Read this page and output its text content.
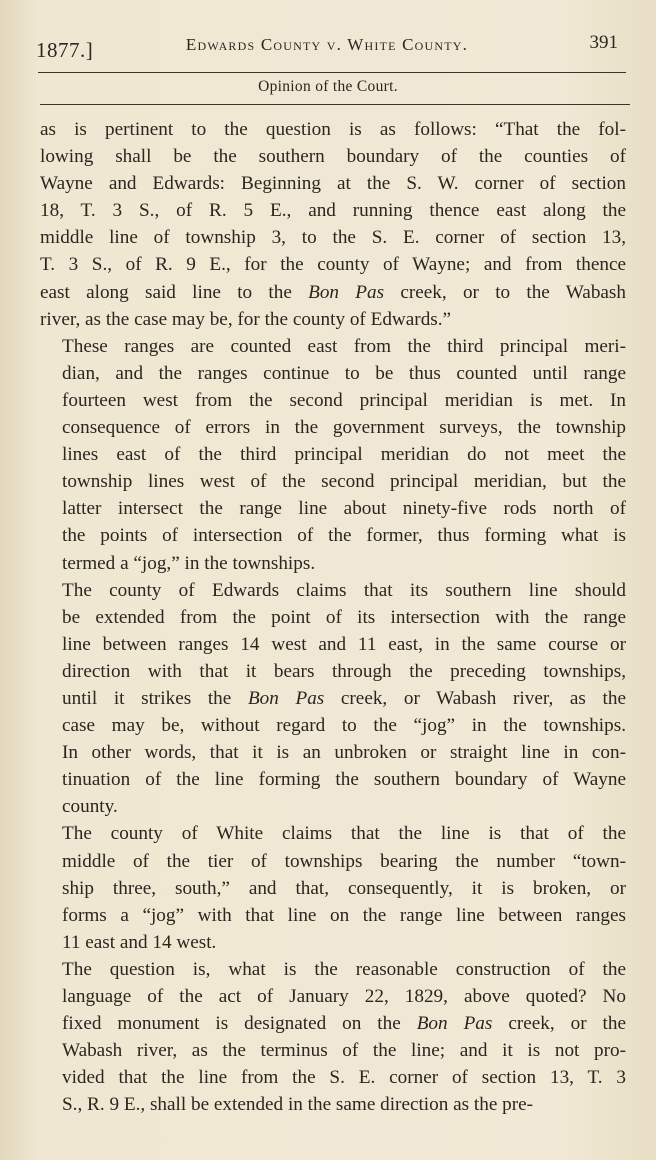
1877.]	Edwards County v. White County.	391
Opinion of the Court.

as is pertinent to the question is as follows: “That the fol-
lowing shall be the southern boundary of the counties of
Wayne and Edwards: Beginning at the S. W. corner of section
18, T. 3 S., of R. 5 E., and running thence east along the
middle line of township 3, to the S. E. corner of section 13,
T. 3 S., of R. 9 E., for the county of Wayne; and from thence
east along said line to the Bon Pas creek, or to the Wabash
river, as the case may be, for the county of Edwards.”

These ranges are counted east from the third principal meri-
dian, and the ranges continue to be thus counted until range
fourteen west from the second principal meridian is met. In
consequence of errors in the government surveys, the township
lines east of the third principal meridian do not meet the
township lines west of the second principal meridian, but the
latter intersect the range line about ninety-five rods north of
the points of intersection of the former, thus forming what is
termed a “jog,” in the townships.

The county of Edwards claims that its southern line should
be extended from the point of its intersection with the range
line between ranges 14 west and 11 east, in the same course or
direction with that it bears through the preceding townships,
until it strikes the Bon Pas creek, or Wabash river, as the
case may be, without regard to the “jog” in the townships.
In other words, that it is an unbroken or straight line in con-
tinuation of the line forming the southern boundary of Wayne
county.

The county of White claims that the line is that of the
middle of the tier of townships bearing the number “town-
ship three, south,” and that, consequently, it is broken, or
forms a “jog” with that line on the range line between ranges
11 east and 14 west.

The question is, what is the reasonable construction of the
language of the act of January 22, 1829, above quoted? No
fixed monument is designated on the Bon Pas creek, or the
Wabash river, as the terminus of the line; and it is not pro-
vided that the line from the S. E. corner of section 13, T. 3
S., R. 9 E., shall be extended in the same direction as the pre-
